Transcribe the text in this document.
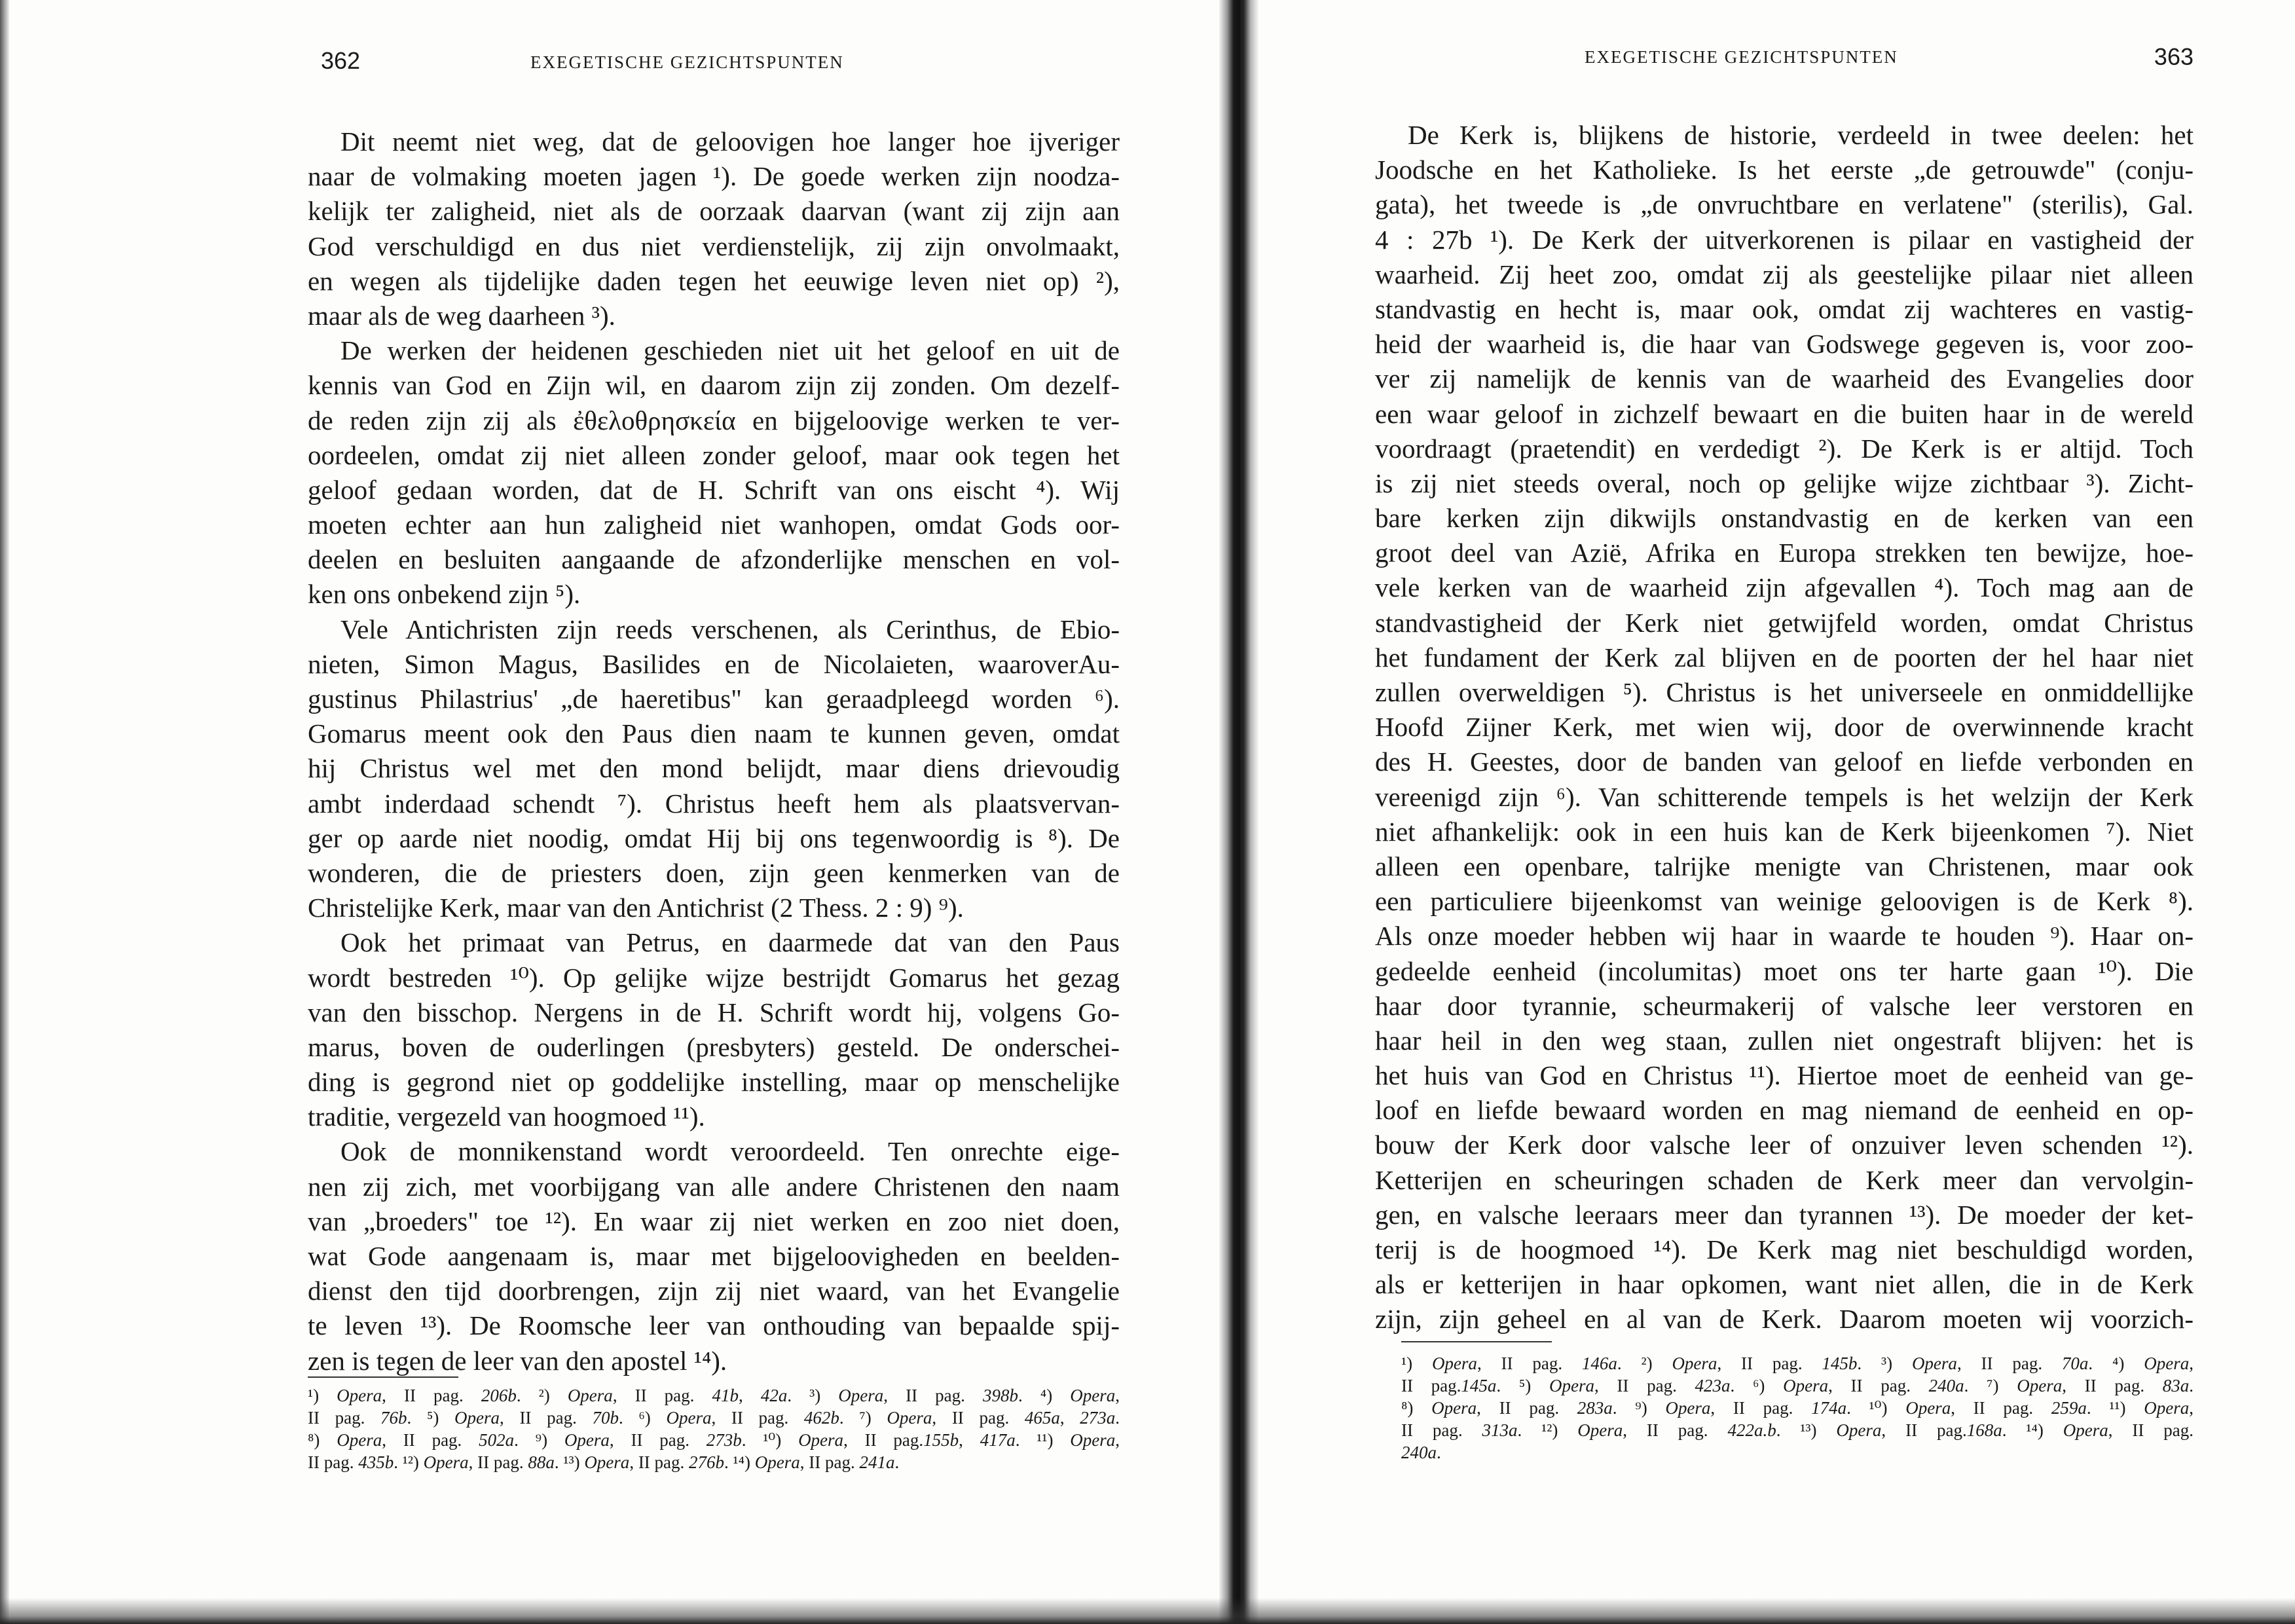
362	EXEGETISCHE GEZICHTSPUNTEN
Dit neemt niet weg, dat de geloovigen hoe langer hoe ijveriger
naar de volmaking moeten jagen ¹). De goede werken zijn noodza-
kelijk ter zaligheid, niet als de oorzaak daarvan (want zij zijn aan
God verschuldigd en dus niet verdienstelijk, zij zijn onvolmaakt,
en wegen als tijdelijke daden tegen het eeuwige leven niet op) ²),
maar als de weg daarheen ³).
De werken der heidenen geschieden niet uit het geloof en uit de
kennis van God en Zijn wil, en daarom zijn zij zonden. Om dezelf-
de reden zijn zij als ἐθελοθρησκεία en bijgeloovige werken te ver-
oordeelen, omdat zij niet alleen zonder geloof, maar ook tegen het
geloof gedaan worden, dat de H. Schrift van ons eischt ⁴). Wij
moeten echter aan hun zaligheid niet wanhopen, omdat Gods oor-
deelen en besluiten aangaande de afzonderlijke menschen en vol-
ken ons onbekend zijn ⁵).
Vele Antichristen zijn reeds verschenen, als Cerinthus, de Ebio-
nieten, Simon Magus, Basilides en de Nicolaieten, waaroverAu-
gustinus Philastrius' „de haeretibus" kan geraadpleegd worden ⁶).
Gomarus meent ook den Paus dien naam te kunnen geven, omdat
hij Christus wel met den mond belijdt, maar diens drievoudig
ambt inderdaad schendt ⁷). Christus heeft hem als plaatsvervan-
ger op aarde niet noodig, omdat Hij bij ons tegenwoordig is ⁸). De
wonderen, die de priesters doen, zijn geen kenmerken van de
Christelijke Kerk, maar van den Antichrist (2 Thess. 2 : 9) ⁹).
Ook het primaat van Petrus, en daarmede dat van den Paus
wordt bestreden ¹⁰). Op gelijke wijze bestrijdt Gomarus het gezag
van den bisschop. Nergens in de H. Schrift wordt hij, volgens Go-
marus, boven de ouderlingen (presbyters) gesteld. De onderschei-
ding is gegrond niet op goddelijke instelling, maar op menschelijke
traditie, vergezeld van hoogmoed ¹¹).
Ook de monnikenstand wordt veroordeeld. Ten onrechte eige-
nen zij zich, met voorbijgang van alle andere Christenen den naam
van „broeders" toe ¹²). En waar zij niet werken en zoo niet doen,
wat Gode aangenaam is, maar met bijgeloovigheden en beelden-
dienst den tijd doorbrengen, zijn zij niet waard, van het Evangelie
te leven ¹³). De Roomsche leer van onthouding van bepaalde spij-
zen is tegen de leer van den apostel ¹⁴).
¹) Opera, II pag. 206b. ²) Opera, II pag. 41b, 42a. ³) Opera, II pag. 398b. ⁴) Opera,
II pag. 76b. ⁵) Opera, II pag. 70b. ⁶) Opera, II pag. 462b. ⁷) Opera, II pag. 465a, 273a.
⁸) Opera, II pag. 502a. ⁹) Opera, II pag. 273b. ¹⁰) Opera, II pag.155b, 417a. ¹¹) Opera,
II pag. 435b. ¹²) Opera, II pag. 88a. ¹³) Opera, II pag. 276b. ¹⁴) Opera, II pag. 241a.
EXEGETISCHE GEZICHTSPUNTEN	363
De Kerk is, blijkens de historie, verdeeld in twee deelen: het
Joodsche en het Katholieke. Is het eerste „de getrouwde" (conju-
gata), het tweede is „de onvruchtbare en verlatene" (sterilis), Gal.
4 : 27b ¹). De Kerk der uitverkorenen is pilaar en vastigheid der
waarheid. Zij heet zoo, omdat zij als geestelijke pilaar niet alleen
standvastig en hecht is, maar ook, omdat zij wachteres en vastig-
heid der waarheid is, die haar van Godswege gegeven is, voor zoo-
ver zij namelijk de kennis van de waarheid des Evangelies door
een waar geloof in zichzelf bewaart en die buiten haar in de wereld
voordraagt (praetendit) en verdedigt ²). De Kerk is er altijd. Toch
is zij niet steeds overal, noch op gelijke wijze zichtbaar ³). Zicht-
bare kerken zijn dikwijls onstandvastig en de kerken van een
groot deel van Azië, Afrika en Europa strekken ten bewijze, hoe-
vele kerken van de waarheid zijn afgevallen ⁴). Toch mag aan de
standvastigheid der Kerk niet getwijfeld worden, omdat Christus
het fundament der Kerk zal blijven en de poorten der hel haar niet
zullen overweldigen ⁵). Christus is het universeele en onmiddellijke
Hoofd Zijner Kerk, met wien wij, door de overwinnende kracht
des H. Geestes, door de banden van geloof en liefde verbonden en
vereenigd zijn ⁶). Van schitterende tempels is het welzijn der Kerk
niet afhankelijk: ook in een huis kan de Kerk bijeenkomen ⁷). Niet
alleen een openbare, talrijke menigte van Christenen, maar ook
een particuliere bijeenkomst van weinige geloovigen is de Kerk ⁸).
Als onze moeder hebben wij haar in waarde te houden ⁹). Haar on-
gedeelde eenheid (incolumitas) moet ons ter harte gaan ¹⁰). Die
haar door tyrannie, scheurmakerij of valsche leer verstoren en
haar heil in den weg staan, zullen niet ongestraft blijven: het is
het huis van God en Christus ¹¹). Hiertoe moet de eenheid van ge-
loof en liefde bewaard worden en mag niemand de eenheid en op-
bouw der Kerk door valsche leer of onzuiver leven schenden ¹²).
Ketterijen en scheuringen schaden de Kerk meer dan vervolgin-
gen, en valsche leeraars meer dan tyrannen ¹³). De moeder der ket-
terij is de hoogmoed ¹⁴). De Kerk mag niet beschuldigd worden,
als er ketterijen in haar opkomen, want niet allen, die in de Kerk
zijn, zijn geheel en al van de Kerk. Daarom moeten wij voorzich-
¹) Opera, II pag. 146a. ²) Opera, II pag. 145b. ³) Opera, II pag. 70a. ⁴) Opera,
II pag.145a. ⁵) Opera, II pag. 423a. ⁶) Opera, II pag. 240a. ⁷) Opera, II pag. 83a.
⁸) Opera, II pag. 283a. ⁹) Opera, II pag. 174a. ¹⁰) Opera, II pag. 259a. ¹¹) Opera,
II pag. 313a. ¹²) Opera, II pag. 422a.b. ¹³) Opera, II pag.168a. ¹⁴) Opera, II pag.
240a.
